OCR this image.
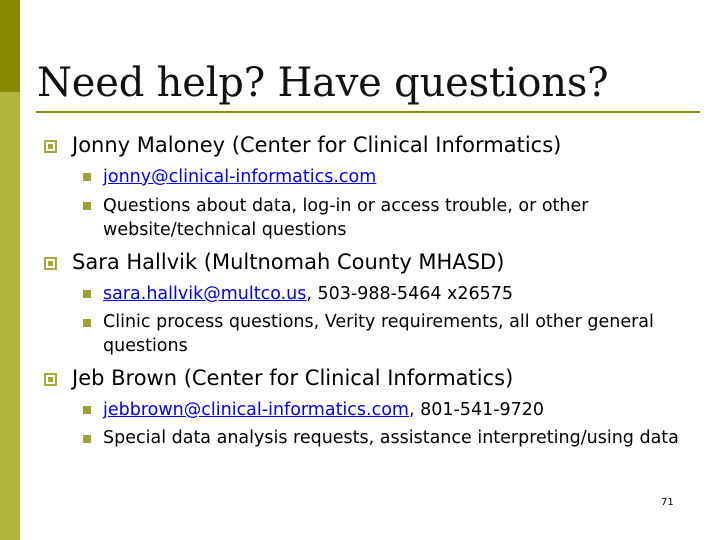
Need help? Have questions?
Jonny Maloney (Center for Clinical Informatics)
jonny@clinical-informatics.com
Questions about data, log-in or access trouble, or other website/technical questions
Sara Hallvik (Multnomah County MHASD)
sara.hallvik@multco.us, 503-988-5464 x26575
Clinic process questions, Verity requirements, all other general questions
Jeb Brown (Center for Clinical Informatics)
jebbrown@clinical-informatics.com, 801-541-9720
Special data analysis requests, assistance interpreting/using data
71
